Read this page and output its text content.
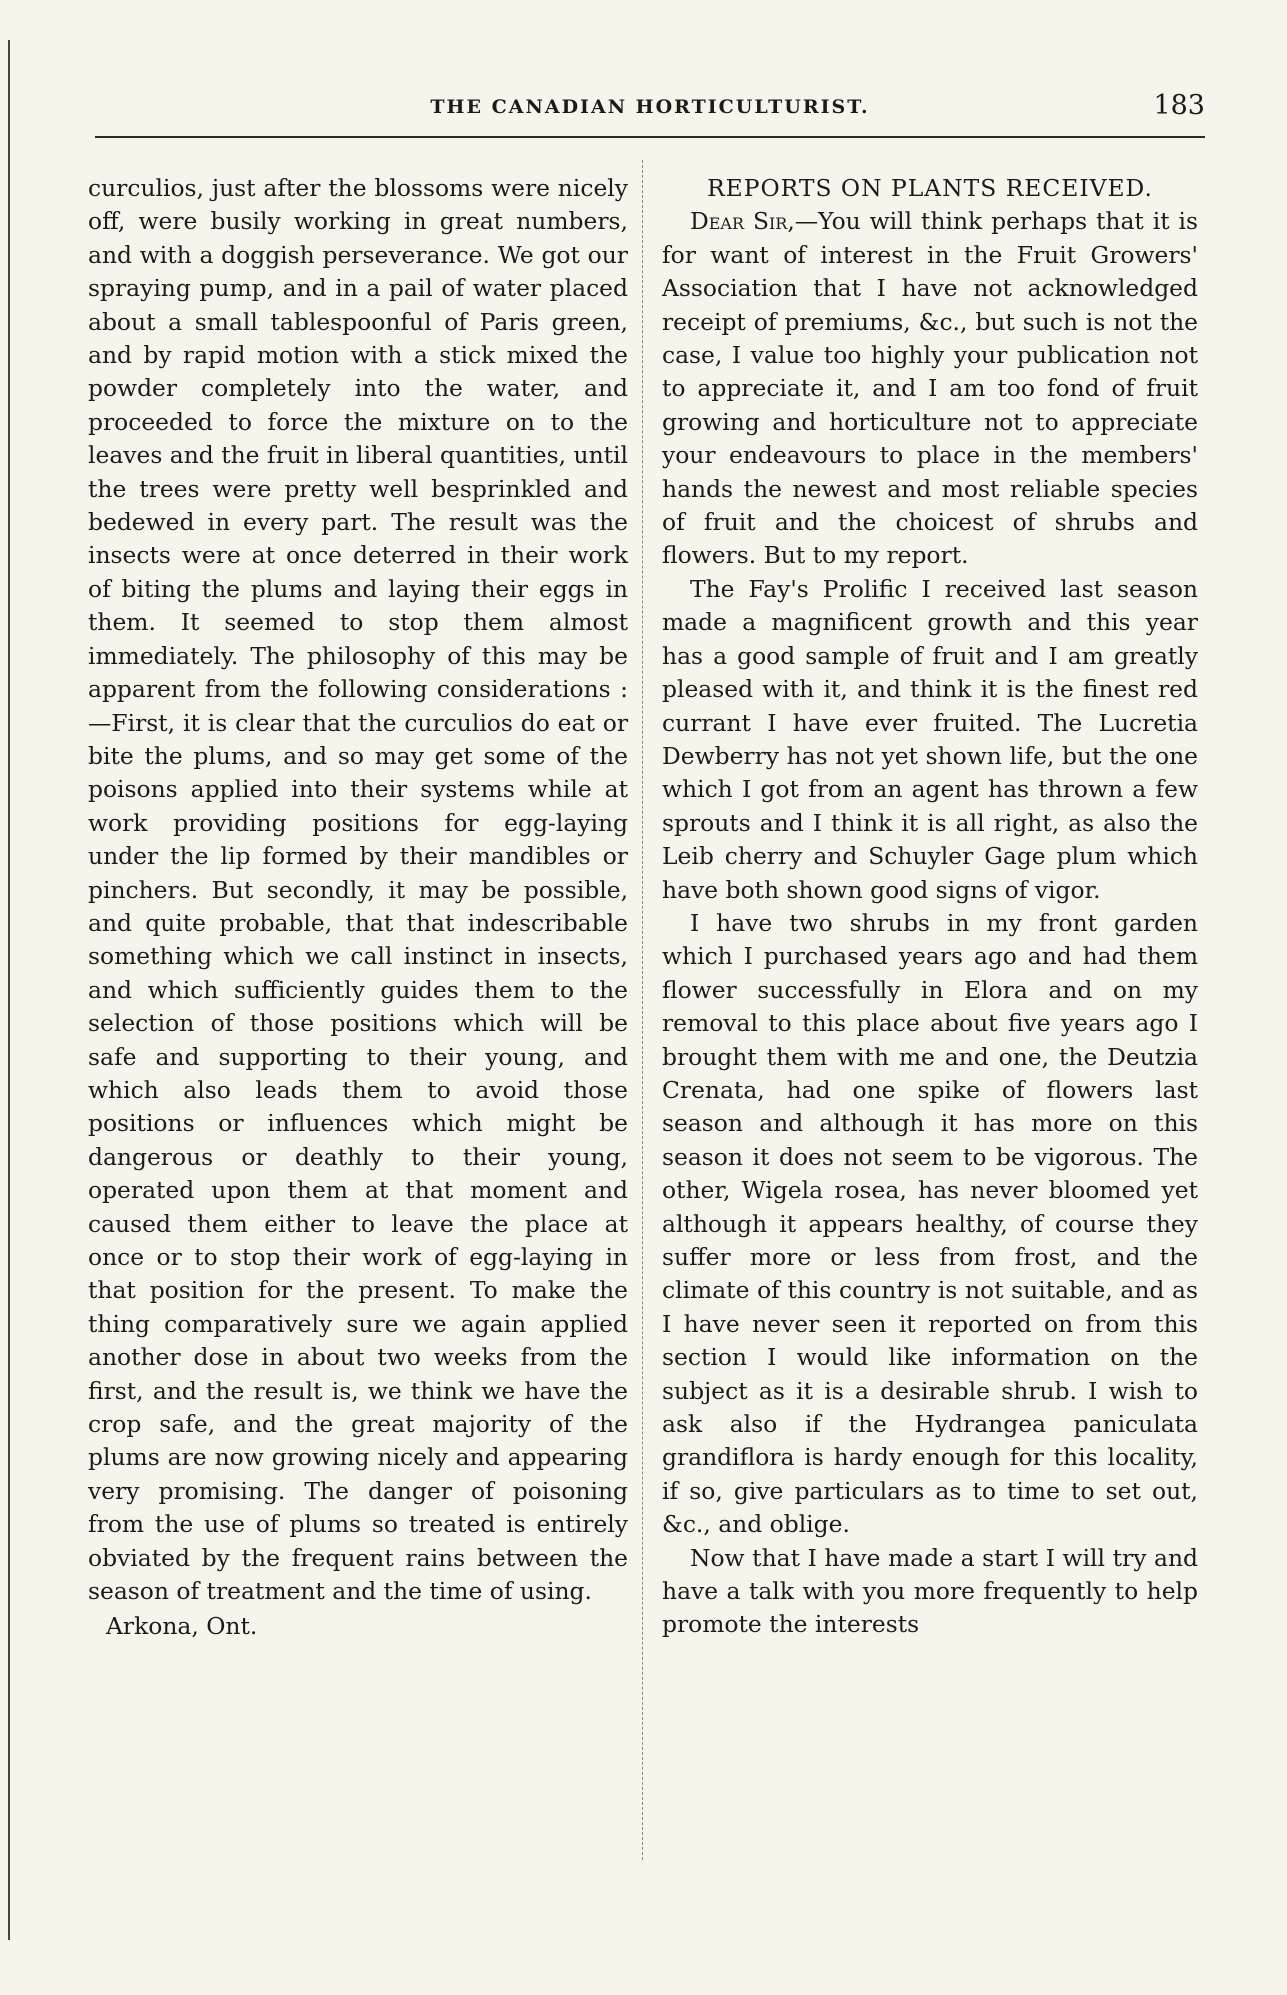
THE CANADIAN HORTICULTURIST.	183

curculios, just after the blossoms were nicely off, were busily working in great numbers, and with a doggish perseverance. We got our spraying pump, and in a pail of water placed about a small tablespoonful of Paris green, and by rapid motion with a stick mixed the powder completely into the water, and proceeded to force the mixture on to the leaves and the fruit in liberal quantities, until the trees were pretty well besprinkled and bedewed in every part. The result was the insects were at once deterred in their work of biting the plums and laying their eggs in them. It seemed to stop them almost immediately. The philosophy of this may be apparent from the following considerations :—First, it is clear that the curculios do eat or bite the plums, and so may get some of the poisons applied into their systems while at work providing positions for egg-laying under the lip formed by their mandibles or pinchers. But secondly, it may be possible, and quite probable, that that indescribable something which we call instinct in insects, and which sufficiently guides them to the selection of those positions which will be safe and supporting to their young, and which also leads them to avoid those positions or influences which might be dangerous or deathly to their young, operated upon them at that moment and caused them either to leave the place at once or to stop their work of egg-laying in that position for the present. To make the thing comparatively sure we again applied another dose in about two weeks from the first, and the result is, we think we have the crop safe, and the great majority of the plums are now growing nicely and appearing very promising. The danger of poisoning from the use of plums so treated is entirely obviated by the frequent rains between the season of treatment and the time of using.

Arkona, Ont.

REPORTS ON PLANTS RECEIVED.

Dear Sir,—You will think perhaps that it is for want of interest in the Fruit Growers' Association that I have not acknowledged receipt of premiums, &c., but such is not the case, I value too highly your publication not to appreciate it, and I am too fond of fruit growing and horticulture not to appreciate your endeavours to place in the members' hands the newest and most reliable species of fruit and the choicest of shrubs and flowers. But to my report.

The Fay's Prolific I received last season made a magnificent growth and this year has a good sample of fruit and I am greatly pleased with it, and think it is the finest red currant I have ever fruited. The Lucretia Dewberry has not yet shown life, but the one which I got from an agent has thrown a few sprouts and I think it is all right, as also the Leib cherry and Schuyler Gage plum which have both shown good signs of vigor.

I have two shrubs in my front garden which I purchased years ago and had them flower successfully in Elora and on my removal to this place about five years ago I brought them with me and one, the Deutzia Crenata, had one spike of flowers last season and although it has more on this season it does not seem to be vigorous. The other, Wigela rosea, has never bloomed yet although it appears healthy, of course they suffer more or less from frost, and the climate of this country is not suitable, and as I have never seen it reported on from this section I would like information on the subject as it is a desirable shrub. I wish to ask also if the Hydrangea paniculata grandiflora is hardy enough for this locality, if so, give particulars as to time to set out, &c., and oblige.

Now that I have made a start I will try and have a talk with you more frequently to help promote the interests
